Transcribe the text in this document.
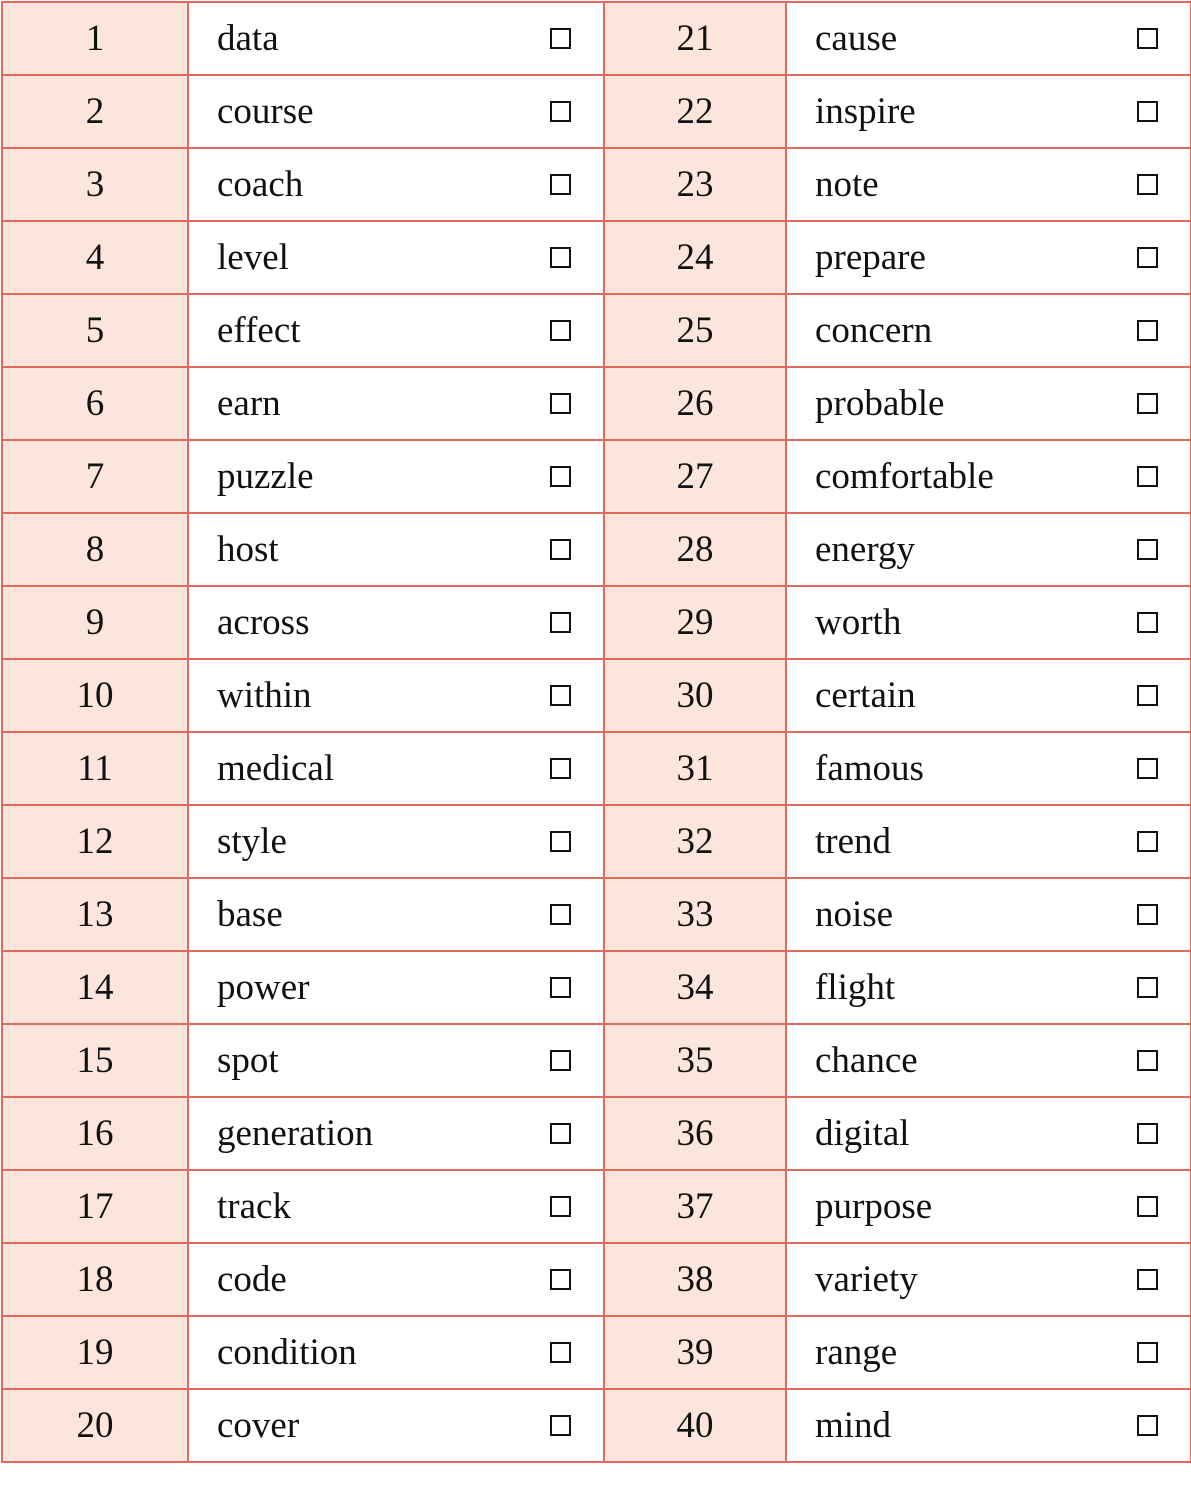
1	data	21	cause

2	course	22	inspire

3	coach	23	note

4	level	24	prepare

5	effect	25	concern

6	earn	26	probable

7	puzzle	27	comfortable

8	host	28	energy

9	across	29	worth

10	within	30	certain

11	medical	31	famous

12	style	32	trend

13	base	33	noise

14	power	34	flight

15	spot	35	chance

16	generation	36	digital

17	track	37	purpose

18	code	38	variety

19	condition	39	range

20	cover	40	mind
